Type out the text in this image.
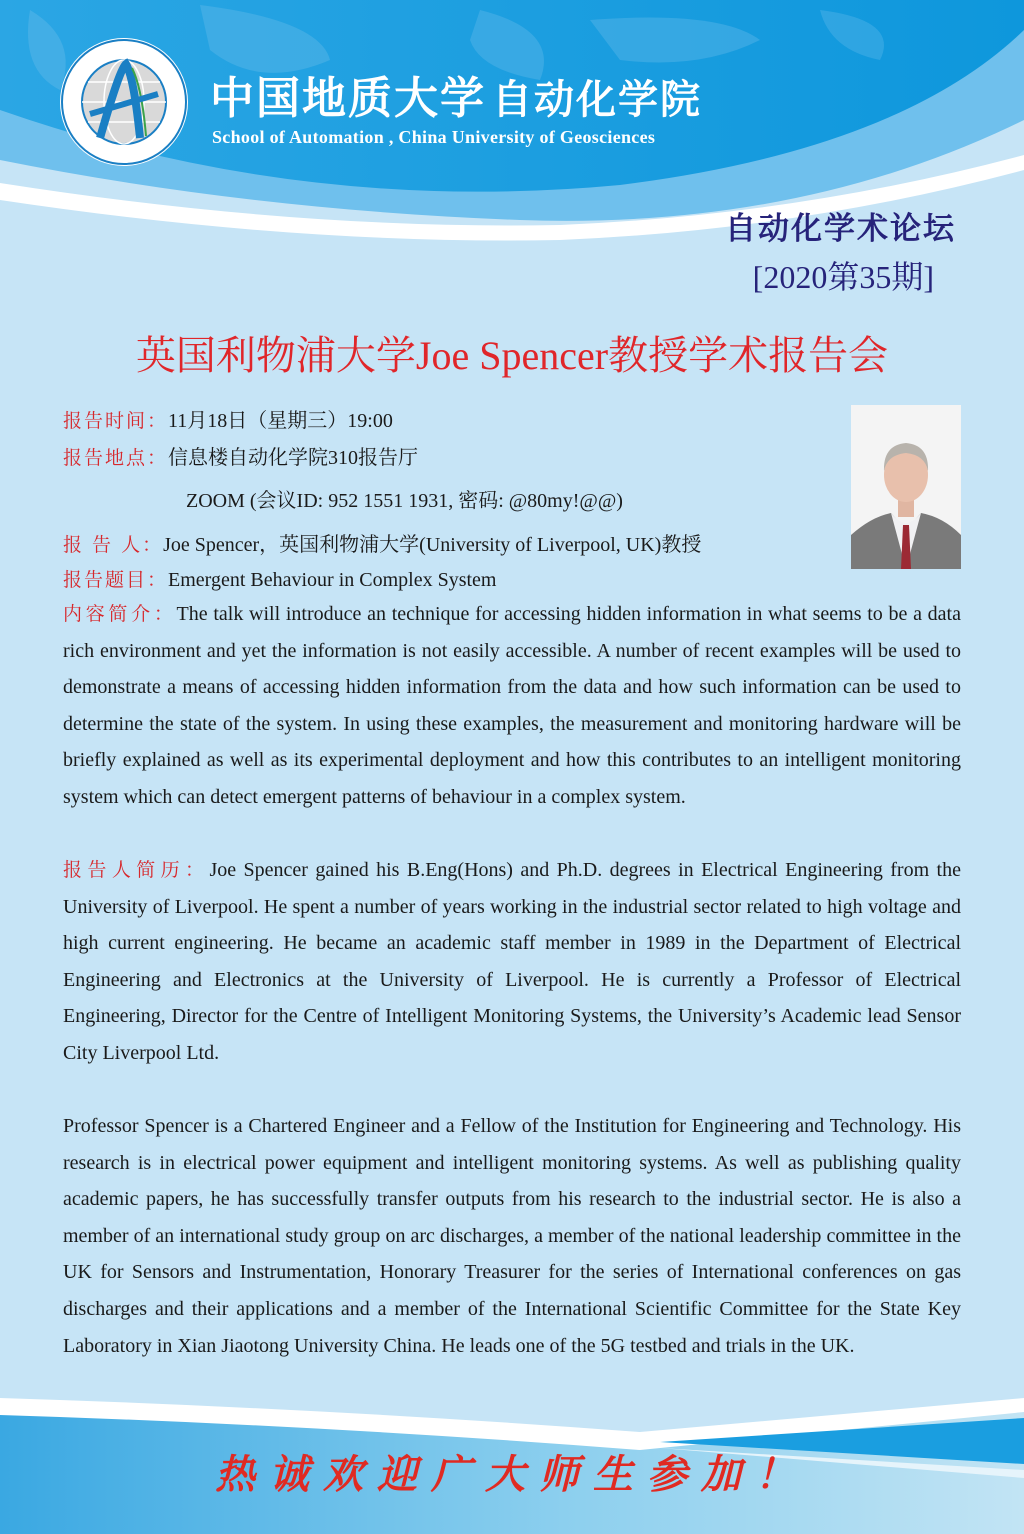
中国地质大学 自动化学院
School of Automation , China University of Geosciences
自动化学术论坛
[2020第35期]
英国利物浦大学Joe Spencer教授学术报告会
报告时间：11月18日（星期三）19:00
报告地点：信息楼自动化学院310报告厅
ZOOM (会议ID: 952 1551 1931, 密码: @80my!@@)
报 告 人：Joe Spencer，英国利物浦大学(University of Liverpool, UK)教授
报告题目：Emergent Behaviour in Complex System
内容简介：The talk will introduce an technique for accessing hidden information in what seems to be a data rich environment and yet the information is not easily accessible. A number of recent examples will be used to demonstrate a means of accessing hidden information from the data and how such information can be used to determine the state of the system. In using these examples, the measurement and monitoring hardware will be briefly explained as well as its experimental deployment and how this contributes to an intelligent monitoring system which can detect emergent patterns of behaviour in a complex system.
报告人简历：Joe Spencer gained his B.Eng(Hons) and Ph.D. degrees in Electrical Engineering from the University of Liverpool. He spent a number of years working in the industrial sector related to high voltage and high current engineering. He became an academic staff member in 1989 in the Department of Electrical Engineering and Electronics at the University of Liverpool. He is currently a Professor of Electrical Engineering, Director for the Centre of Intelligent Monitoring Systems, the University’s Academic lead Sensor City Liverpool Ltd.
Professor Spencer is a Chartered Engineer and a Fellow of the Institution for Engineering and Technology. His research is in electrical power equipment and intelligent monitoring systems. As well as publishing quality academic papers, he has successfully transfer outputs from his research to the industrial sector. He is also a member of an international study group on arc discharges, a member of the national leadership committee in the UK for Sensors and Instrumentation, Honorary Treasurer for the series of International conferences on gas discharges and their applications and a member of the International Scientific Committee for the State Key Laboratory in Xian Jiaotong University China. He leads one of the 5G testbed and trials in the UK.
热诚欢迎广大师生参加！
